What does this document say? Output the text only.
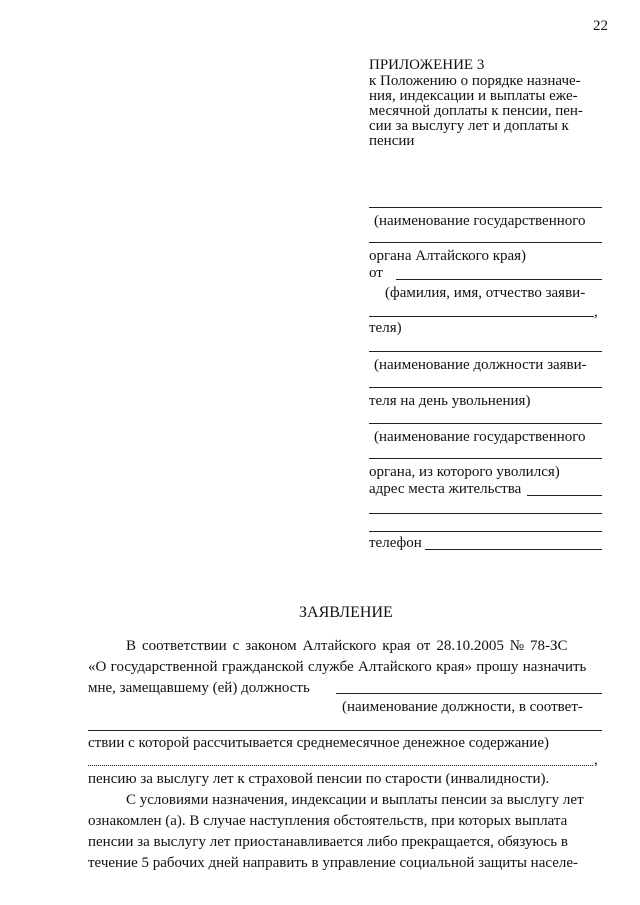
22
ПРИЛОЖЕНИЕ 3
к Положению о порядке назначе-
ния, индексации и выплаты еже-
месячной доплаты к пенсии, пен-
сии за выслугу лет и доплаты к
пенсии
(наименование государственного
органа Алтайского края)
от
(фамилия, имя, отчество заяви-
,
теля)
(наименование должности заяви-
теля на день увольнения)
(наименование государственного
органа, из которого уволился)
адрес места жительства
телефон
ЗАЯВЛЕНИЕ
В соответствии с законом Алтайского края от 28.10.2005 № 78-ЗС
«О государственной гражданской службе Алтайского края» прошу назначить
мне, замещавшему (ей) должность
(наименование должности, в соответ-
ствии с которой рассчитывается среднемесячное денежное содержание)
,
пенсию за выслугу лет к страховой пенсии по старости (инвалидности).
С условиями назначения, индексации и выплаты пенсии за выслугу лет
ознакомлен (а). В случае наступления обстоятельств, при которых выплата
пенсии за выслугу лет приостанавливается либо прекращается, обязуюсь в
течение 5 рабочих дней направить в управление социальной защиты населе-
